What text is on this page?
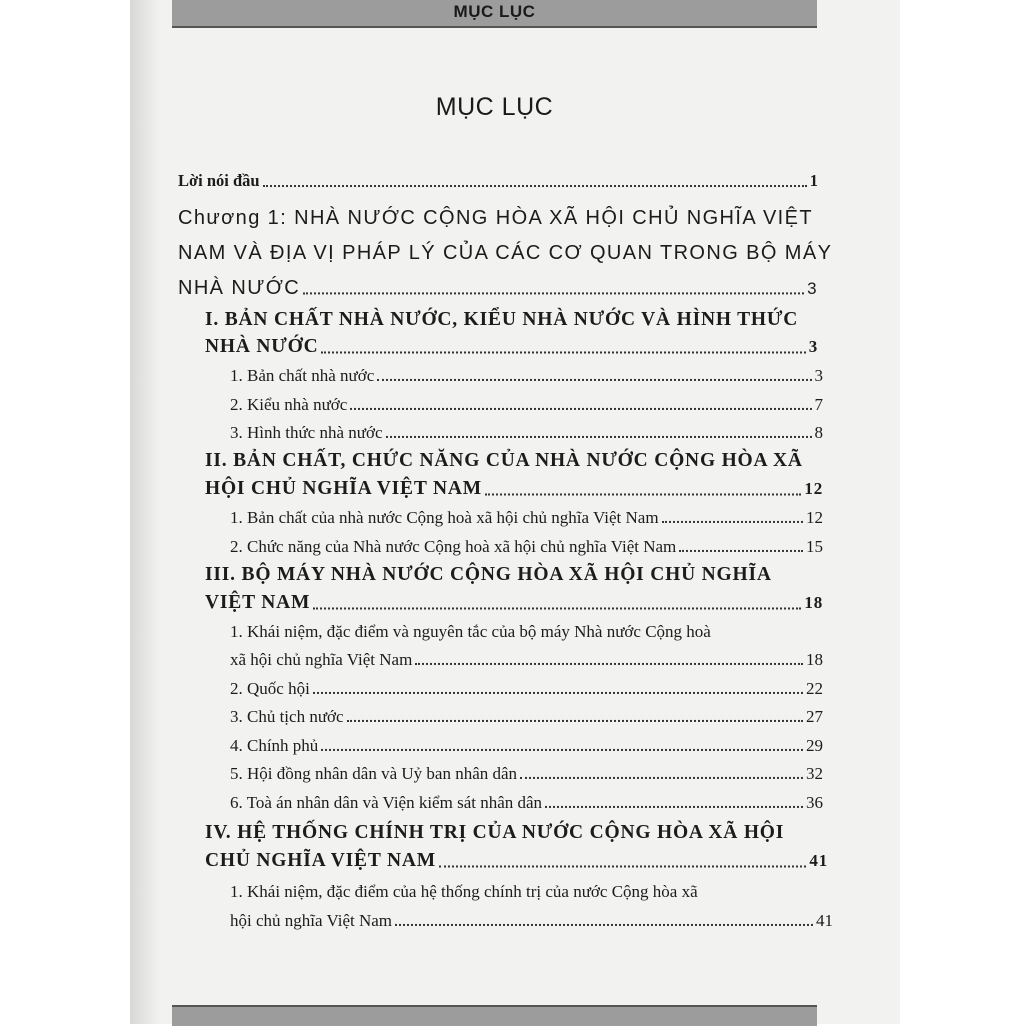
MỤC LỤC
MỤC LỤC
Lời nói đầu	1
Chương 1: NHÀ NƯỚC CỘNG HÒA XÃ HỘI CHỦ NGHĨA VIỆT
NAM VÀ ĐỊA VỊ PHÁP LÝ CỦA CÁC CƠ QUAN TRONG BỘ MÁY
NHÀ NƯỚC	3
I. BẢN CHẤT NHÀ NƯỚC, KIỂU NHÀ NƯỚC VÀ HÌNH THỨC
NHÀ NƯỚC	3
1. Bản chất nhà nước	3
2. Kiểu nhà nước	7
3. Hình thức nhà nước	8
II. BẢN CHẤT, CHỨC NĂNG CỦA NHÀ NƯỚC CỘNG HÒA XÃ
HỘI CHỦ NGHĨA VIỆT NAM	12
1. Bản chất của nhà nước Cộng hoà xã hội chủ nghĩa Việt Nam	12
2. Chức năng của Nhà nước Cộng hoà xã hội chủ nghĩa Việt Nam	15
III. BỘ MÁY NHÀ NƯỚC CỘNG HÒA XÃ HỘI CHỦ NGHĨA
VIỆT NAM	18
1. Khái niệm, đặc điểm và nguyên tắc của bộ máy Nhà nước Cộng hoà
xã hội chủ nghĩa Việt Nam	18
2. Quốc hội	22
3. Chủ tịch nước	27
4. Chính phủ	29
5. Hội đồng nhân dân và Uỷ ban nhân dân	32
6. Toà án nhân dân và Viện kiểm sát nhân dân	36
IV. HỆ THỐNG CHÍNH TRỊ CỦA NƯỚC CỘNG HÒA XÃ HỘI
CHỦ NGHĨA VIỆT NAM	41
1. Khái niệm, đặc điểm của hệ thống chính trị của nước Cộng hòa xã
hội chủ nghĩa Việt Nam	41
